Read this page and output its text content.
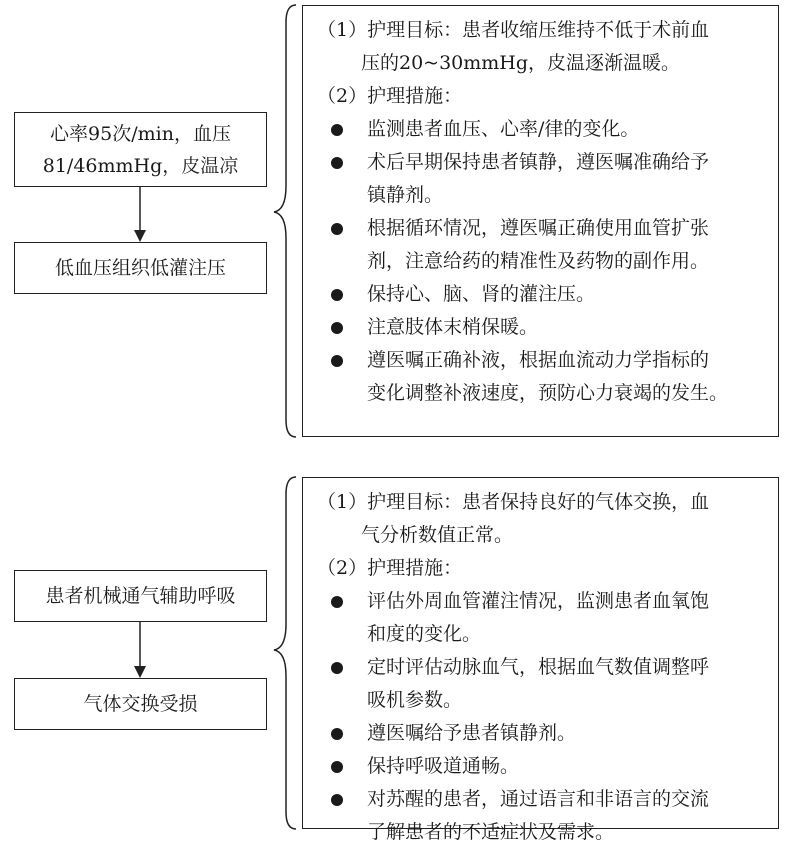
心率95次/min，血压
81/46mmHg，皮温凉
低血压组织低灌注压
（1）护理目标：患者收缩压维持不低于术前血
压的20~30mmHg，皮温逐渐温暖。
（2）护理措施：
监测患者血压、心率/律的变化。
术后早期保持患者镇静，遵医嘱准确给予
镇静剂。
根据循环情况，遵医嘱正确使用血管扩张
剂，注意给药的精准性及药物的副作用。
保持心、脑、肾的灌注压。
注意肢体末梢保暖。
遵医嘱正确补液，根据血流动力学指标的
变化调整补液速度，预防心力衰竭的发生。
患者机械通气辅助呼吸
气体交换受损
（1）护理目标：患者保持良好的气体交换，血
气分析数值正常。
（2）护理措施：
评估外周血管灌注情况，监测患者血氧饱
和度的变化。
定时评估动脉血气，根据血气数值调整呼
吸机参数。
遵医嘱给予患者镇静剂。
保持呼吸道通畅。
对苏醒的患者，通过语言和非语言的交流
了解患者的不适症状及需求。
